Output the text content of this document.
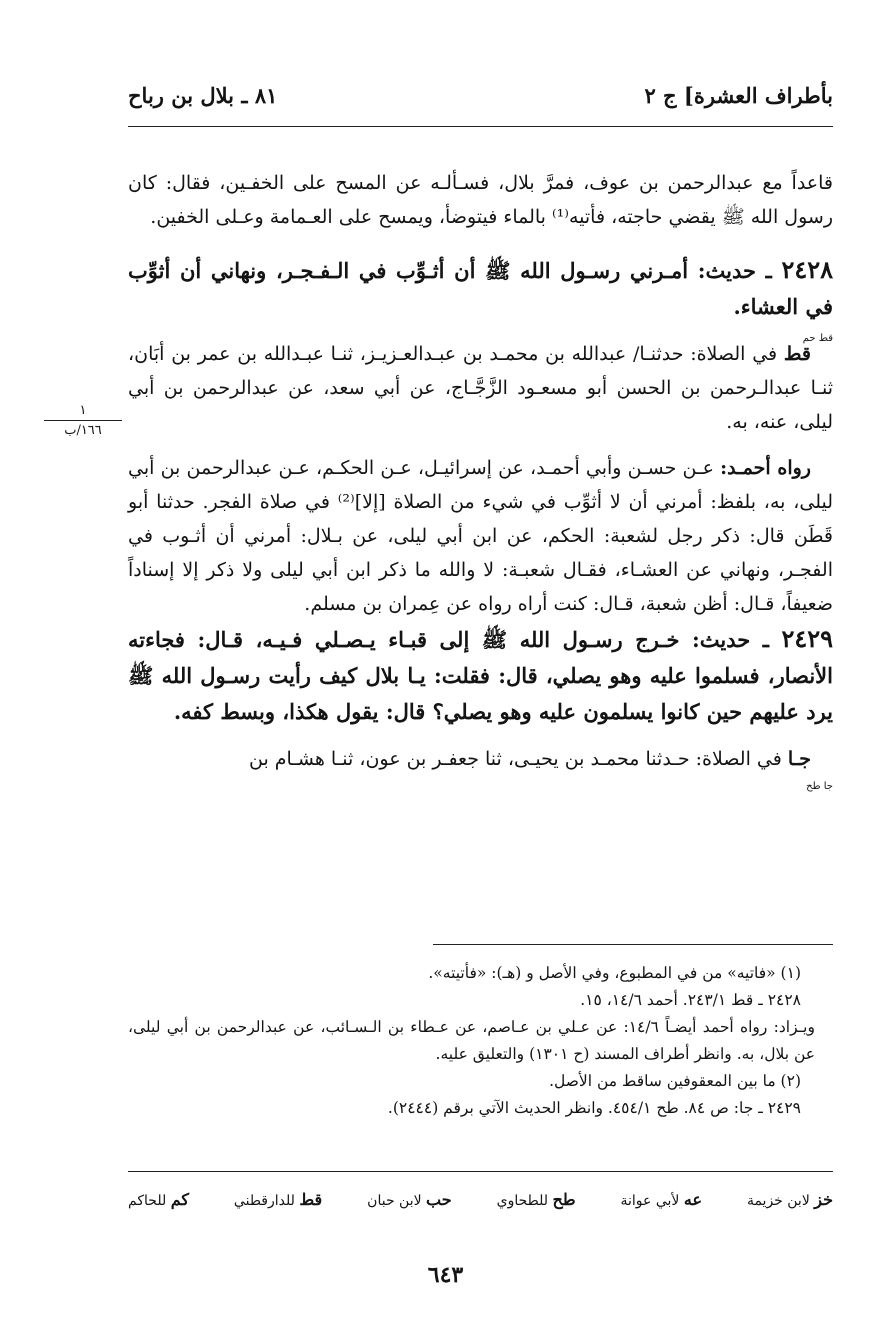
بأطراف العشرة] ج ٢
٨١ ـ بلال بن رباح
١
١٦٦/ب

قاعداً مع عبدالرحمن بن عوف، فمرَّ بلال، فسـألـه عن المسح على الخفـين، فقال: كان رسول الله ﷺ يقضي حاجته، فأتيه⁽¹⁾ بالماء فيتوضأ، ويمسح على العـمامة وعـلى الخفين.

٢٤٢٨ ـ حديث: أمـرني رسـول الله ﷺ أن أثـوِّب في الـفـجـر، ونهاني أن أثوِّب في العشاء.

قط حم

قط في الصلاة: حدثنـا/ عبدالله بن محمـد بن عبـدالعـزيـز، ثنـا عبـدالله بن عمر بن أبَان، ثنـا عبدالـرحمن بن الحسن أبو مسعـود الزَّجَّـاج، عن أبي سعد، عن عبدالرحمن بن أبي ليلى، عنه، به.

رواه أحمـد: عـن حسـن وأبي أحمـد، عن إسرائيـل، عـن الحكـم، عـن عبدالرحمن بن أبي ليلى، به، بلفظ: أمرني أن لا أثوِّب في شيء من الصلاة [إلا]⁽²⁾ في صلاة الفجر. حدثنا أبو قَطَن قال: ذكر رجل لشعبة: الحكم، عن ابن أبي ليلى، عن بـلال: أمرني أن أثـوب في الفجـر، ونهاني عن العشـاء، فقـال شعبـة: لا والله ما ذكر ابن أبي ليلى ولا ذكر إلا إسناداً ضعيفاً، قـال: أظن شعبة، قـال: كنت أراه رواه عن عِمران بن مسلم.

٢٤٢٩ ـ حديث: خـرج رسـول الله ﷺ إلى قبـاء يـصـلي فـيـه، قـال: فجاءته الأنصار، فسلموا عليه وهو يصلي، قال: فقلت: يـا بلال كيف رأيت رسـول الله ﷺ يرد عليهم حين كانوا يسلمون عليه وهو يصلي؟ قال: يقول هكذا، وبسط كفه.

جا طح

جـا في الصلاة: حـدثنا محمـد بن يحيـى، ثنا جعفـر بن عون، ثنـا هشـام بن

(١) «فاتيه» من في المطبوع، وفي الأصل و (هـ): «فأتيته».

٢٤٢٨ ـ قط ٢٤٣/١. أحمد ١٤/٦، ١٥.

ويـزاد: رواه أحمد أيضـاً ١٤/٦: عن عـلي بن عـاصم، عن عـطاء بن الـسـائب، عن عبدالرحمن بن أبي ليلى، عن بلال، به. وانظر أطراف المسند (ح ١٣٠١) والتعليق عليه.

(٢) ما بين المعقوفين ساقط من الأصل.

٢٤٢٩ ـ جا: ص ٨٤. طح ٤٥٤/١. وانظر الحديث الآتي برقم (٢٤٤٤).

خز لابن خزيمة
عه لأبي عوانة
طح للطحاوي
حب لابن حبان
قط للدارقطني
كم للحاكم
٦٤٣
